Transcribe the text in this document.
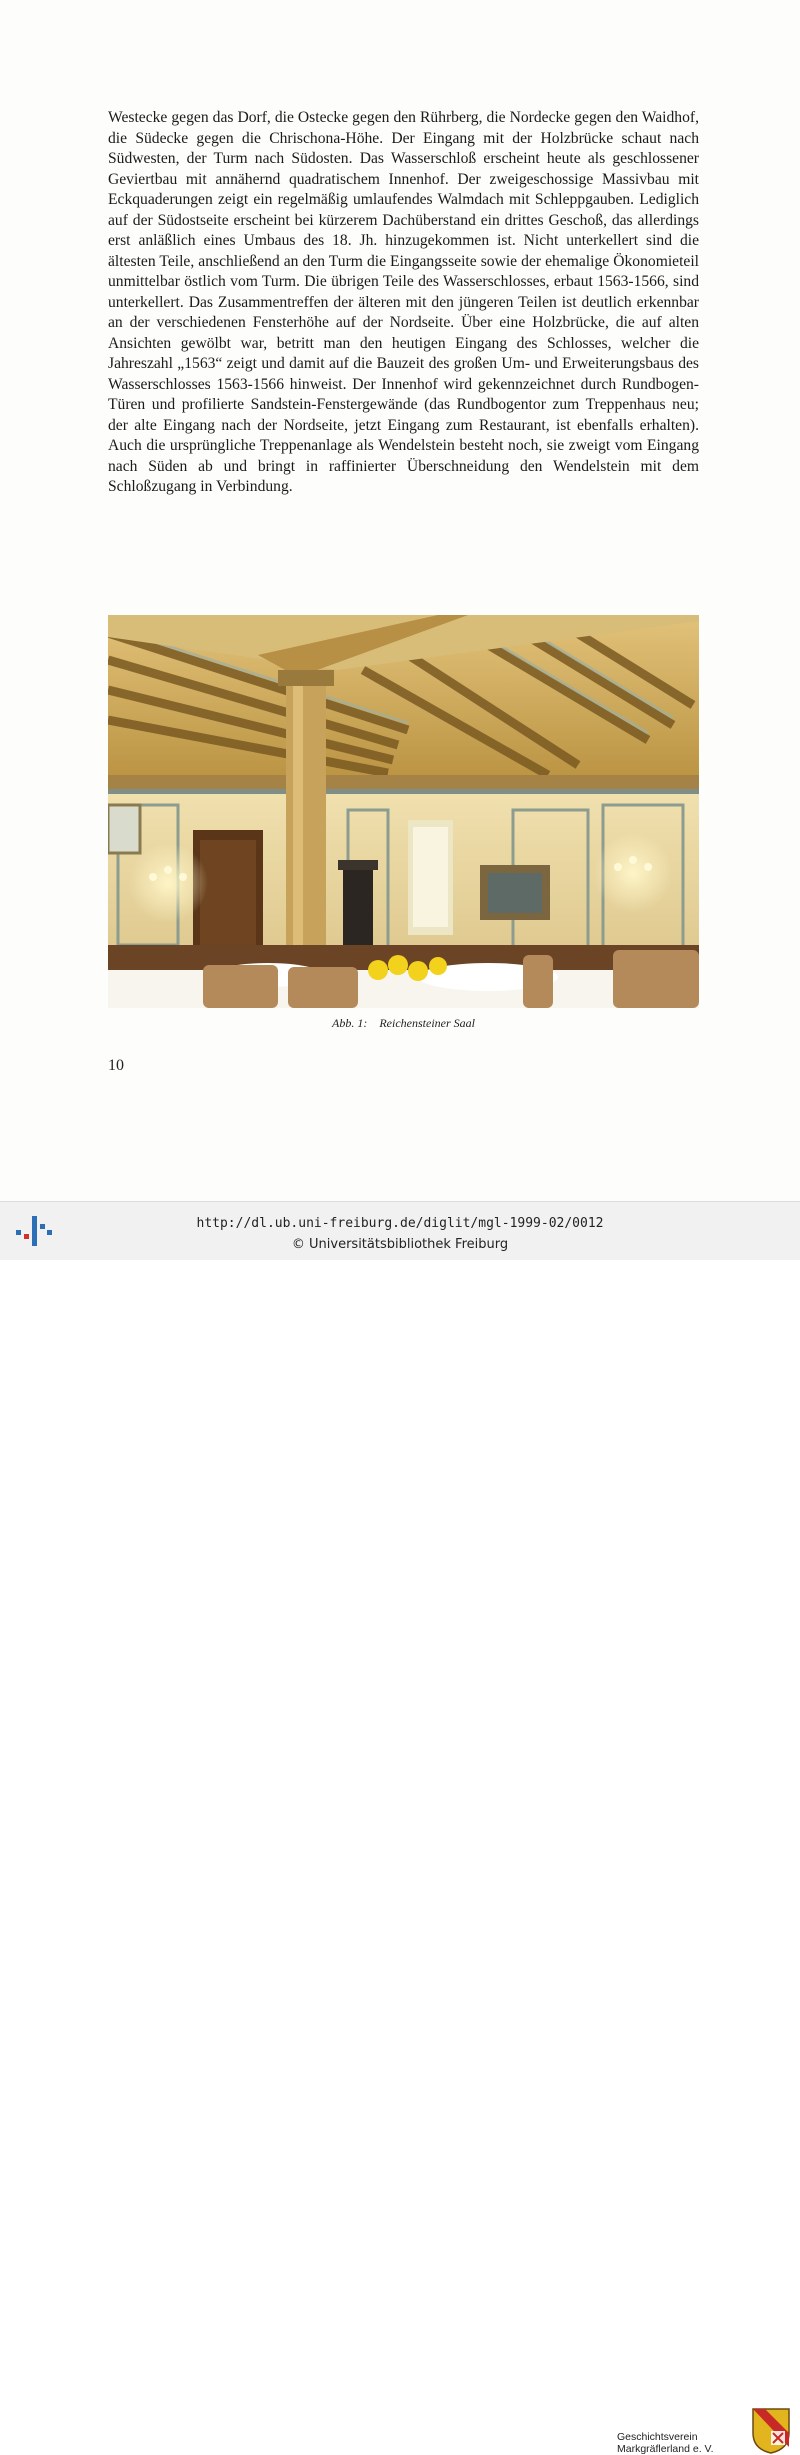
Westecke gegen das Dorf, die Ostecke gegen den Rührberg, die Nordecke gegen den Waidhof, die Südecke gegen die Chrischona-Höhe. Der Eingang mit der Holzbrücke schaut nach Südwesten, der Turm nach Südosten. Das Wasserschloß erscheint heute als geschlossener Geviertbau mit annähernd quadratischem Innenhof. Der zweigeschossige Massivbau mit Eckquaderungen zeigt ein regelmäßig umlaufendes Walmdach mit Schleppgauben. Lediglich auf der Südostseite erscheint bei kürzerem Dachüberstand ein drittes Geschoß, das allerdings erst anläßlich eines Umbaus des 18. Jh. hinzugekommen ist. Nicht unterkellert sind die ältesten Teile, anschließend an den Turm die Eingangsseite sowie der ehemalige Ökonomieteil unmittelbar östlich vom Turm. Die übrigen Teile des Wasserschlosses, erbaut 1563-1566, sind unterkellert. Das Zusammentreffen der älteren mit den jüngeren Teilen ist deutlich erkennbar an der verschiedenen Fensterhöhe auf der Nordseite. Über eine Holzbrücke, die auf alten Ansichten gewölbt war, betritt man den heutigen Eingang des Schlosses, welcher die Jahreszahl „1563“ zeigt und damit auf die Bauzeit des großen Um- und Erweiterungsbaus des Wasserschlosses 1563-1566 hinweist. Der Innenhof wird gekennzeichnet durch Rundbogen-Türen und profilierte Sandstein-Fenstergewände (das Rundbogentor zum Treppenhaus neu; der alte Eingang nach der Nordseite, jetzt Eingang zum Restaurant, ist ebenfalls erhalten). Auch die ursprüngliche Treppenanlage als Wendelstein besteht noch, sie zweigt vom Eingang nach Süden ab und bringt in raffinierter Überschneidung den Wendelstein mit dem Schloßzugang in Verbindung.

Abb. 1: Reichensteiner Saal

10
http://dl.ub.uni-freiburg.de/diglit/mgl-1999-02/0012
© Universitätsbibliothek Freiburg
Geschichtsverein
Markgräflerland e. V.
